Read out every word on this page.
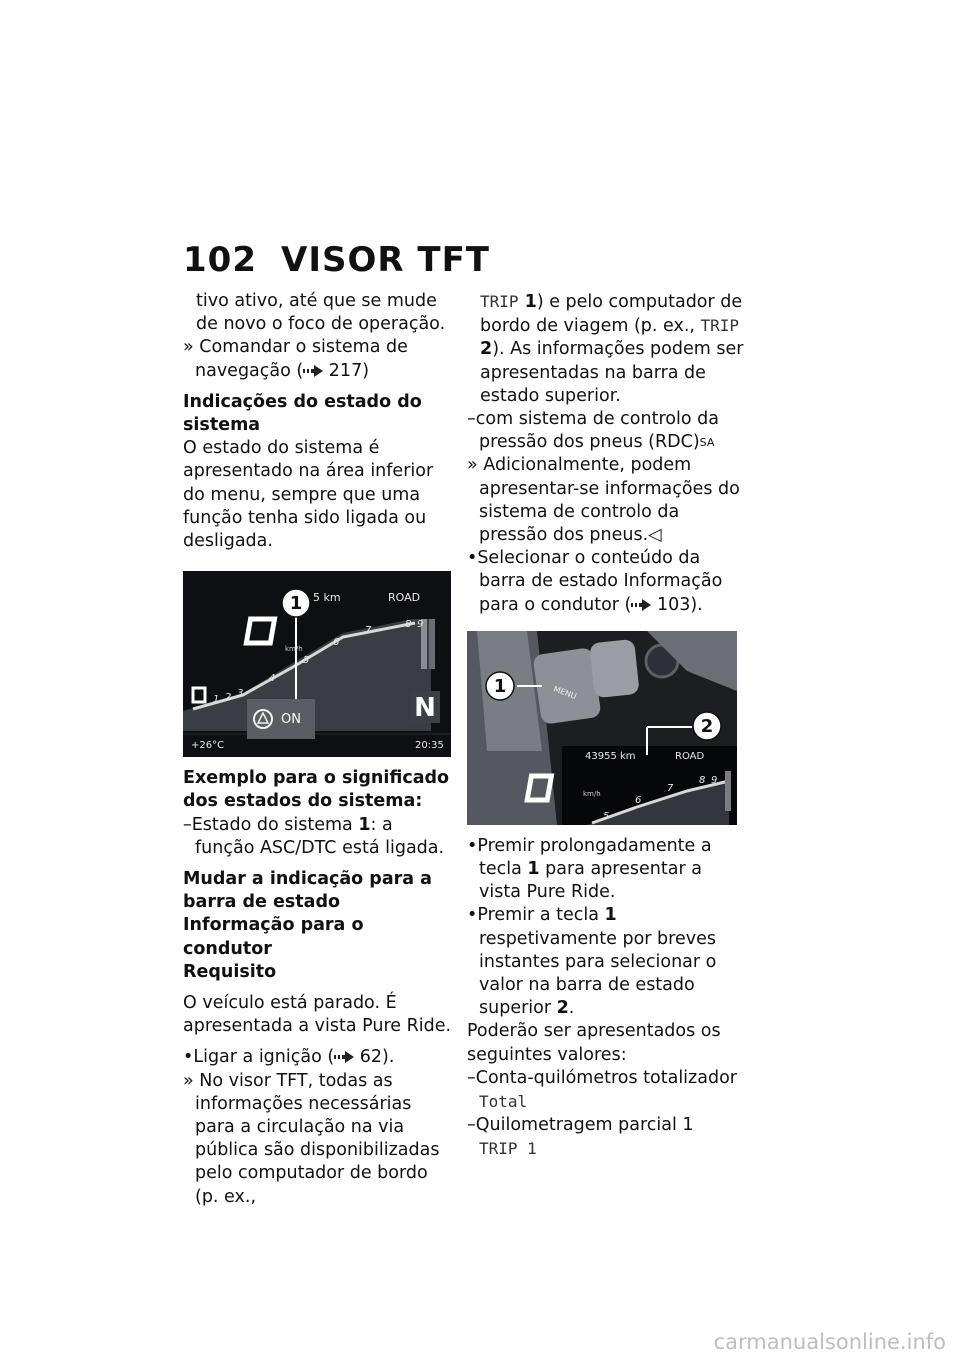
102 VISOR TFT
tivo ativo, até que se mude de novo o foco de operação.
» Comandar o sistema de navegação ( 217)
Indicações do estado do sistema
O estado do sistema é apresentado na área inferior do menu, sempre que uma função tenha sido ligada ou desligada.
1 5 km	ROAD
km/h
N
ON
+26°C	20:35
1 2 3
4
5
6
7
8 9
Exemplo para o significado dos estados do sistema:
–Estado do sistema 1: a função ASC/DTC está ligada.
Mudar a indicação para a barra de estado Informação para o condutor
Requisito
O veículo está parado. É apresentada a vista Pure Ride.
•Ligar a ignição ( 62).
» No visor TFT, todas as informações necessárias para a circulação na via pública são disponibilizadas pelo computador de bordo (p. ex.,
TRIP 1) e pelo computador de bordo de viagem (p. ex., TRIP 2). As informações podem ser apresentadas na barra de estado superior.
–com sistema de controlo da pressão dos pneus (RDC)$^{SA}$
» Adicionalmente, podem apresentar-se informações do sistema de controlo da pressão dos pneus.◁
•Selecionar o conteúdo da barra de estado Informação para o condutor ( 103).
1
2
43955 km	ROAD
km/h
MENU
5
6
7
8 9
•Premir prolongadamente a tecla 1 para apresentar a vista Pure Ride.
•Premir a tecla 1 respetivamente por breves instantes para selecionar o valor na barra de estado superior 2.
Poderão ser apresentados os seguintes valores:
–Conta-quilómetros totalizador
Total
–Quilometragem parcial 1
TRIP 1
carmanualsonline.info
